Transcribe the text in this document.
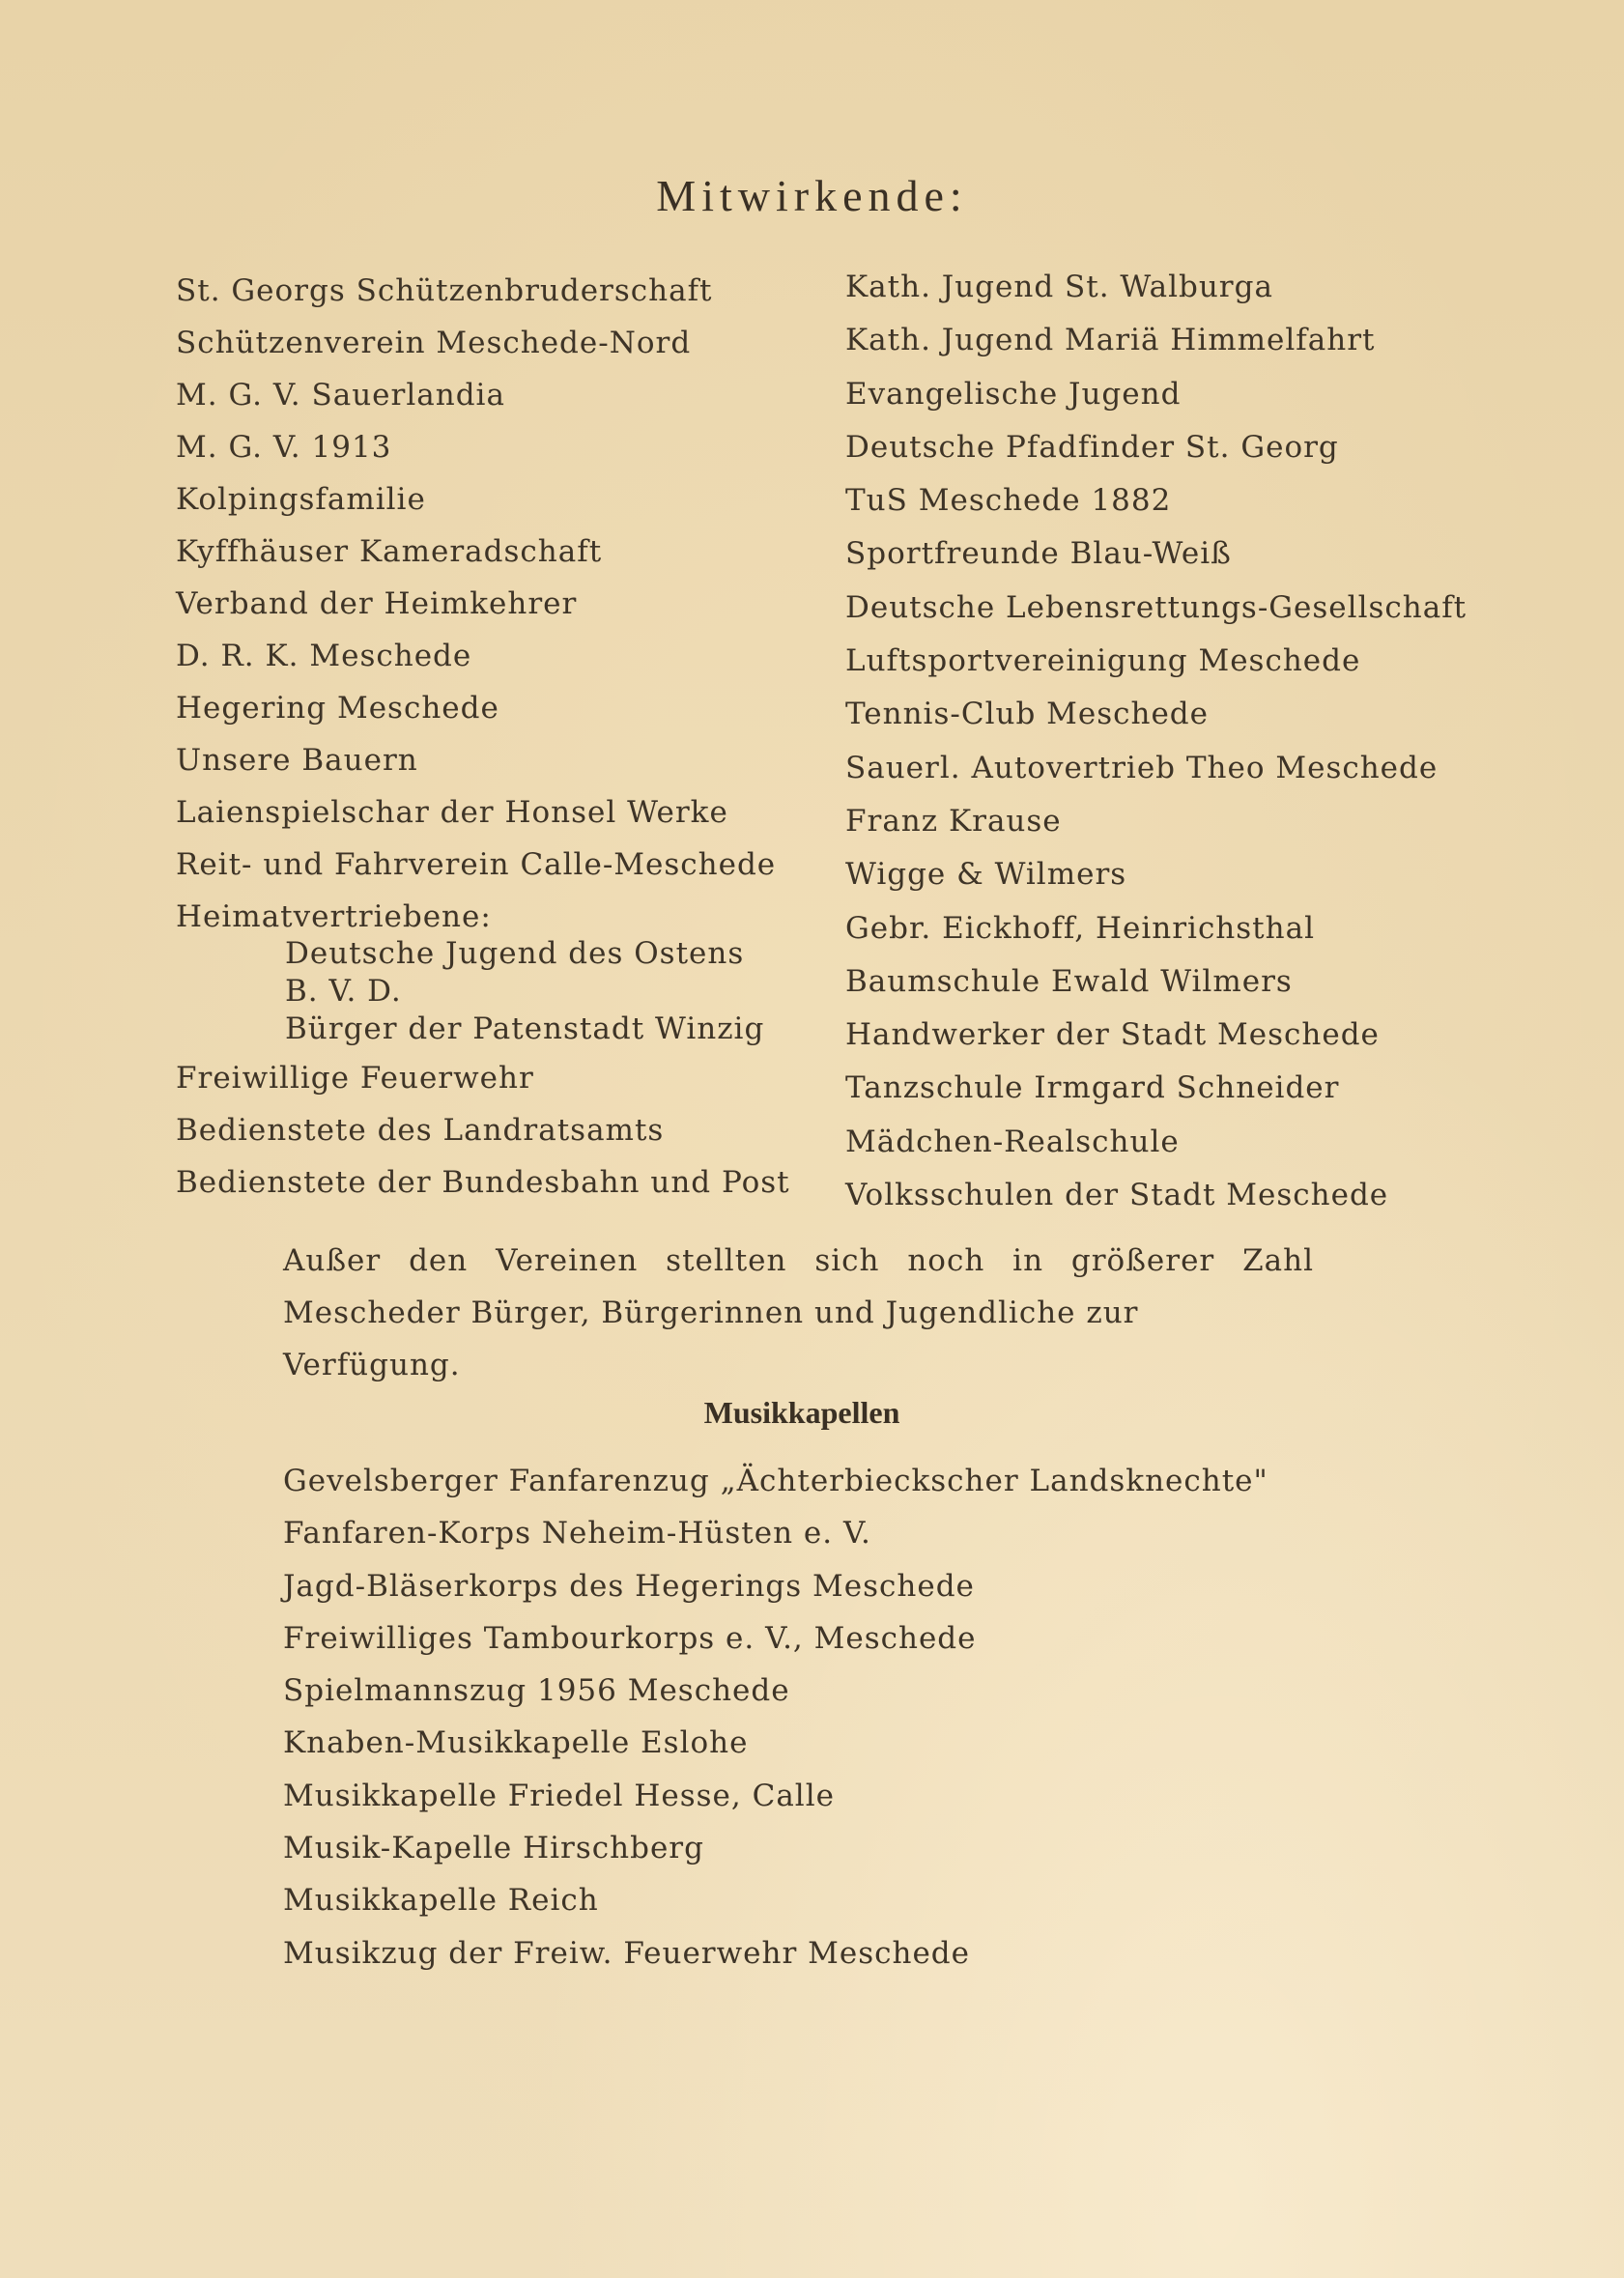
Mitwirkende:
St. Georgs Schützenbruderschaft
Schützenverein Meschede-Nord
M. G. V. Sauerlandia
M. G. V. 1913
Kolpingsfamilie
Kyffhäuser Kameradschaft
Verband der Heimkehrer
D. R. K. Meschede
Hegering Meschede
Unsere Bauern
Laienspielschar der Honsel Werke
Reit- und Fahrverein Calle-Meschede
Heimatvertriebene:
Deutsche Jugend des Ostens
B. V. D.
Bürger der Patenstadt Winzig
Freiwillige Feuerwehr
Bedienstete des Landratsamts
Bedienstete der Bundesbahn und Post
Kath. Jugend St. Walburga
Kath. Jugend Mariä Himmelfahrt
Evangelische Jugend
Deutsche Pfadfinder St. Georg
TuS Meschede 1882
Sportfreunde Blau-Weiß
Deutsche Lebensrettungs-Gesellschaft
Luftsportvereinigung Meschede
Tennis-Club Meschede
Sauerl. Autovertrieb Theo Meschede
Franz Krause
Wigge & Wilmers
Gebr. Eickhoff, Heinrichsthal
Baumschule Ewald Wilmers
Handwerker der Stadt Meschede
Tanzschule Irmgard Schneider
Mädchen-Realschule
Volksschulen der Stadt Meschede
Außer den Vereinen stellten sich noch in größerer Zahl
Mescheder Bürger, Bürgerinnen und Jugendliche zur Verfügung.
Musikkapellen
Gevelsberger Fanfarenzug „Ächterbieckscher Landsknechte"
Fanfaren-Korps Neheim-Hüsten e. V.
Jagd-Bläserkorps des Hegerings Meschede
Freiwilliges Tambourkorps e. V., Meschede
Spielmannszug 1956 Meschede
Knaben-Musikkapelle Eslohe
Musikkapelle Friedel Hesse, Calle
Musik-Kapelle Hirschberg
Musikkapelle Reich
Musikzug der Freiw. Feuerwehr Meschede
